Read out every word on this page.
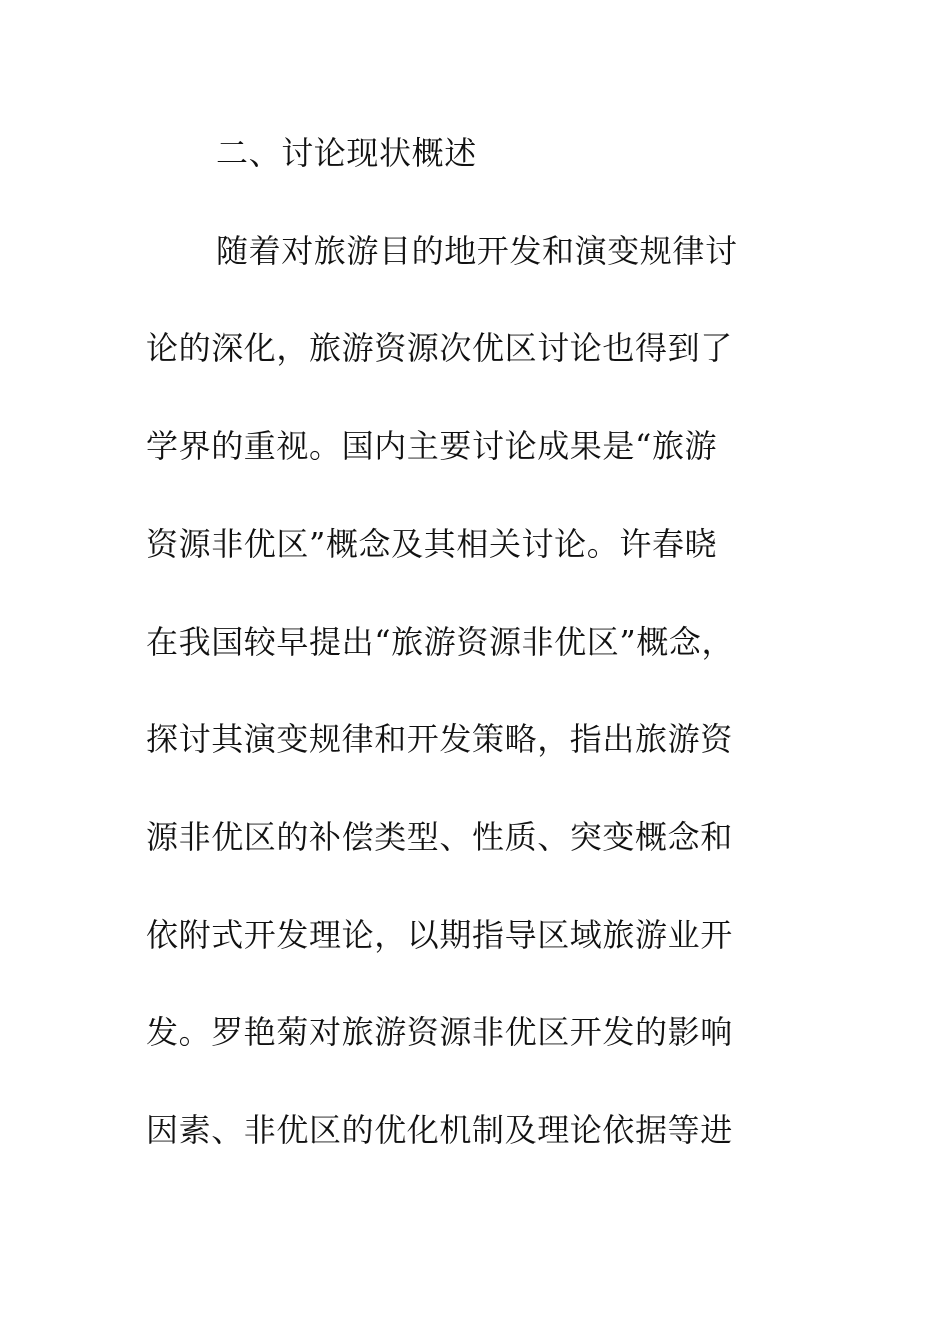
二、讨论现状概述
随着对旅游目的地开发和演变规律讨
论的深化，旅游资源次优区讨论也得到了
学界的重视。国内主要讨论成果是“旅游
资源非优区”概念及其相关讨论。许春晓
在我国较早提出“旅游资源非优区”概念，
探讨其演变规律和开发策略，指出旅游资
源非优区的补偿类型、性质、突变概念和
依附式开发理论，以期指导区域旅游业开
发。罗艳菊对旅游资源非优区开发的影响
因素、非优区的优化机制及理论依据等进
